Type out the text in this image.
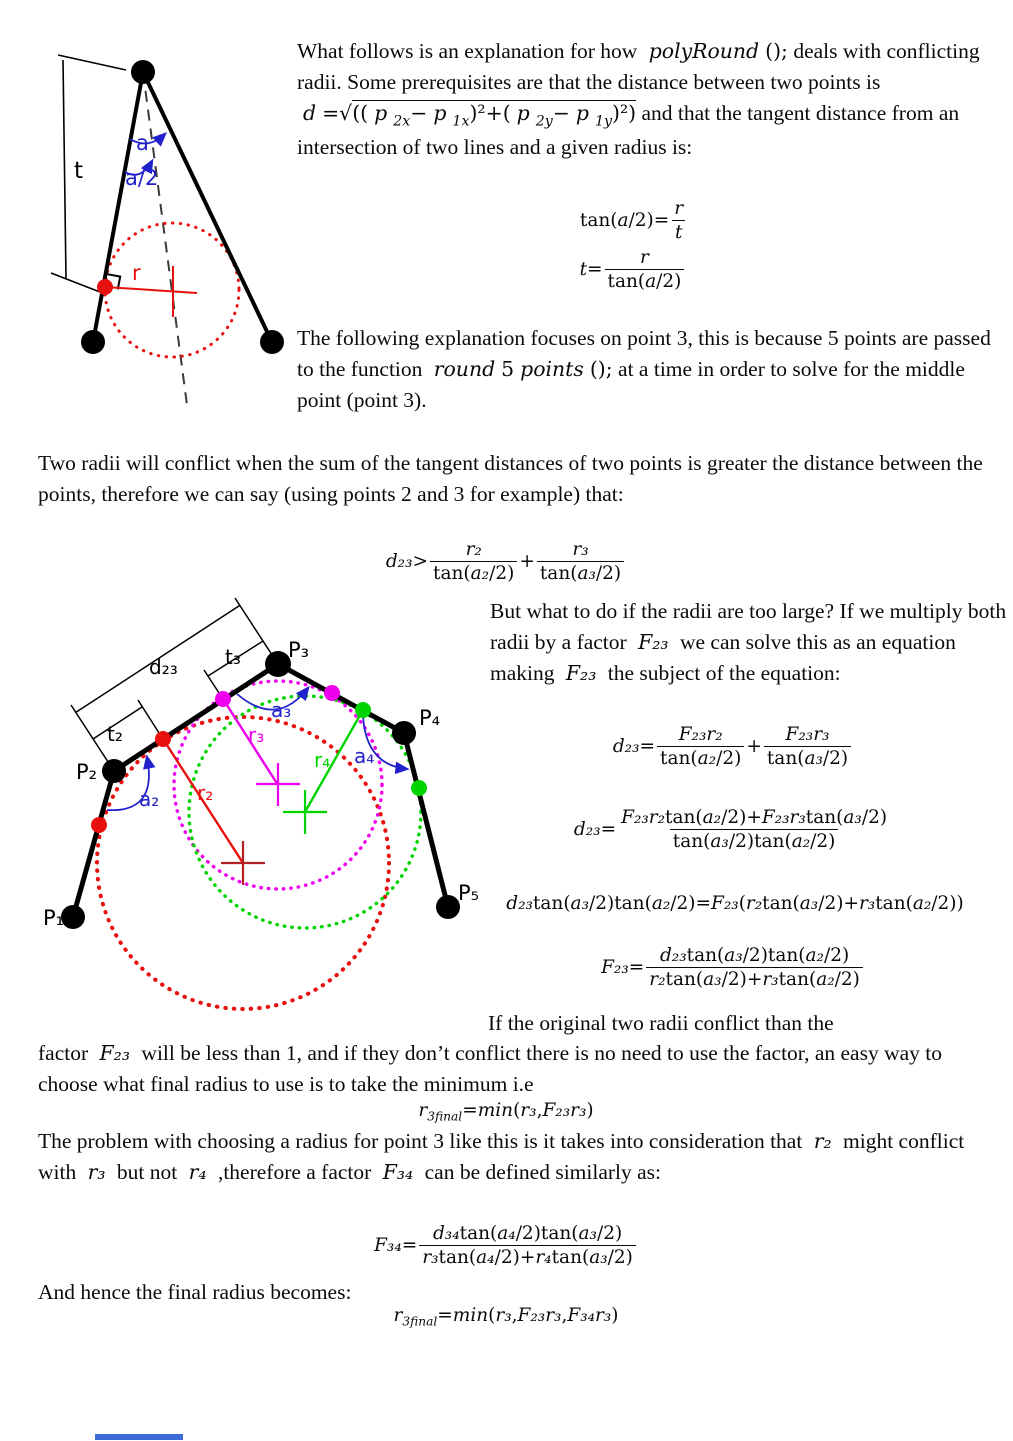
t
a
a/2
r

What follows is an explanation for how polyRound (); deals with conflicting radii. Some prerequisites are that the distance between two points is d =√(( p $_{2x}$− p $_{1x}$)²+( p $_{2y}$− p $_{1y}$)²) and that the tangent distance from an intersection of two lines and a given radius is:

$\tan(a/2)= \frac{r}{t}$
$t= \frac{r}{\tan(a/2)}$

The following explanation focuses on point 3, this is because 5 points are passed to the function round 5 points (); at a time in order to solve for the middle point (point 3).

Two radii will conflict when the sum of the tangent distances of two points is greater the distance between the points, therefore we can say (using points 2 and 3 for example) that:

$d_{23}> \frac{\text{r₂}}{\text{tan(a₂/2)}} + \frac{\text{r₃}}{\text{tan(a₃/2)}}$
P₁
P₂
P₃
P₄
P₅
d₂₃
t₂
t₃
a₂
a₃
a₄
r₂
r₃
r₄

But what to do if the radii are too large? If we multiply both radii by a factor F₂₃ we can solve this as an equation making F₂₃ the subject of the equation:

$d_{23}= \frac{\text{F₂₃r₂}}{\text{tan(a₂/2)}} + \frac{\text{F₂₃r₃}}{\text{tan(a₃/2)}}$
$d_{23}= \frac{\text{F₂₃r₂tan(a₂/2)+F₂₃r₃tan(a₃/2)}}{\text{tan(a₃/2)tan(a₂/2)}}$
d₂₃tan(a₃/2)tan(a₂/2)=F₂₃(r₂tan(a₃/2)+r₃tan(a₂/2))
$F_{23}= \frac{\text{d₂₃tan(a₃/2)tan(a₂/2)}}{\text{r₂tan(a₃/2)+r₃tan(a₂/2)}}$

If the original two radii conflict than the

factor F₂₃ will be less than 1, and if they don’t conflict there is no need to use the factor, an easy way to choose what final radius to use is to take the minimum i.e

$r_{3final}=\min(r_3,F_{23}r_3)$

The problem with choosing a radius for point 3 like this is it takes into consideration that r₂ might conflict with r₃ but not r₄ ,therefore a factor F₃₄ can be defined similarly as:

$F_{34}= \frac{\text{d₃₄tan(a₄/2)tan(a₃/2)}}{\text{r₃tan(a₄/2)+r₄tan(a₃/2)}}$

And hence the final radius becomes:

$r_{3final}=\min(r_3,F_{23}r_3,F_{34}r_3)$
